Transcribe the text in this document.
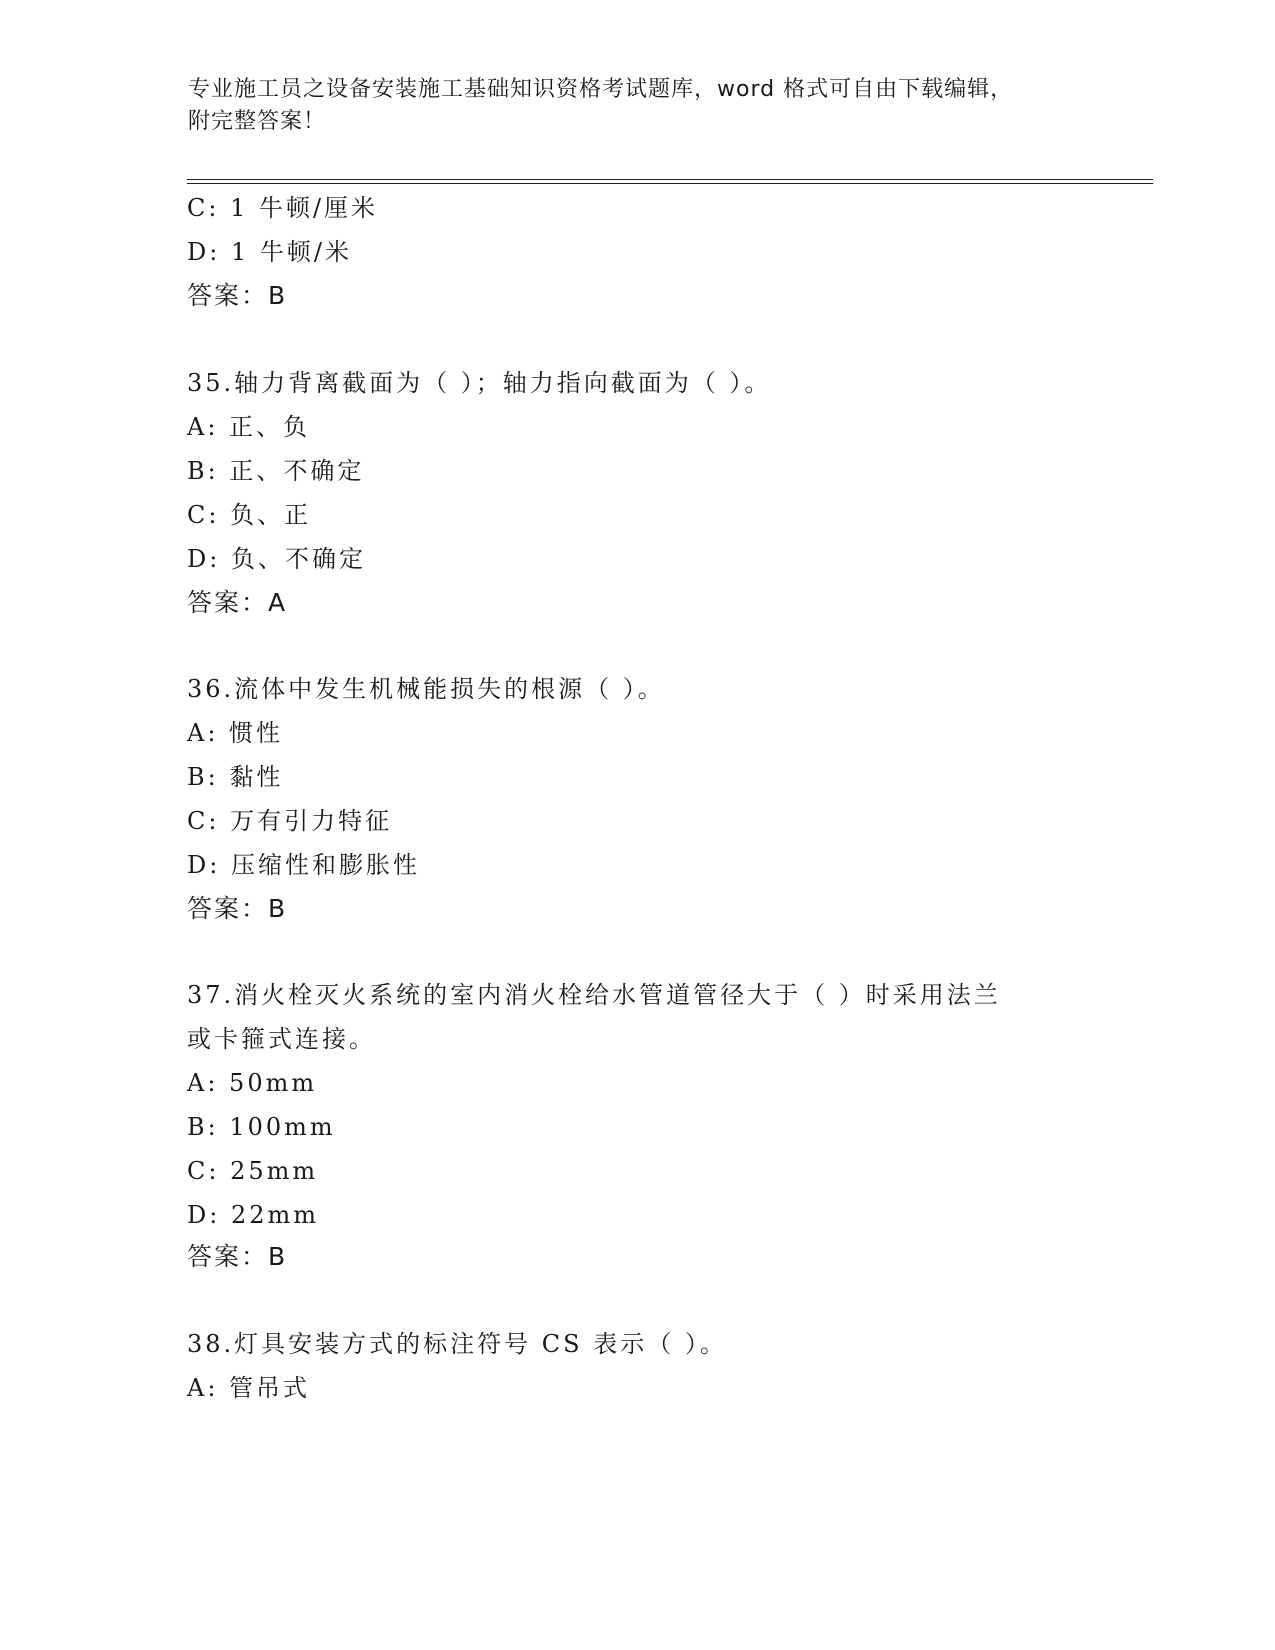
专业施工员之设备安装施工基础知识资格考试题库，word 格式可自由下载编辑，
附完整答案！
C: 1 牛顿/厘米
D: 1 牛顿/米
答案：B
35.轴力背离截面为（ ）；轴力指向截面为（ ）。
A: 正、负
B: 正、不确定
C: 负、正
D: 负、不确定
答案：A
36.流体中发生机械能损失的根源（ ）。
A: 惯性
B: 黏性
C: 万有引力特征
D: 压缩性和膨胀性
答案：B
37.消火栓灭火系统的室内消火栓给水管道管径大于（ ）时采用法兰
或卡箍式连接。
A: 50mm
B: 100mm
C: 25mm
D: 22mm
答案：B
38.灯具安装方式的标注符号 CS 表示（ ）。
A: 管吊式
